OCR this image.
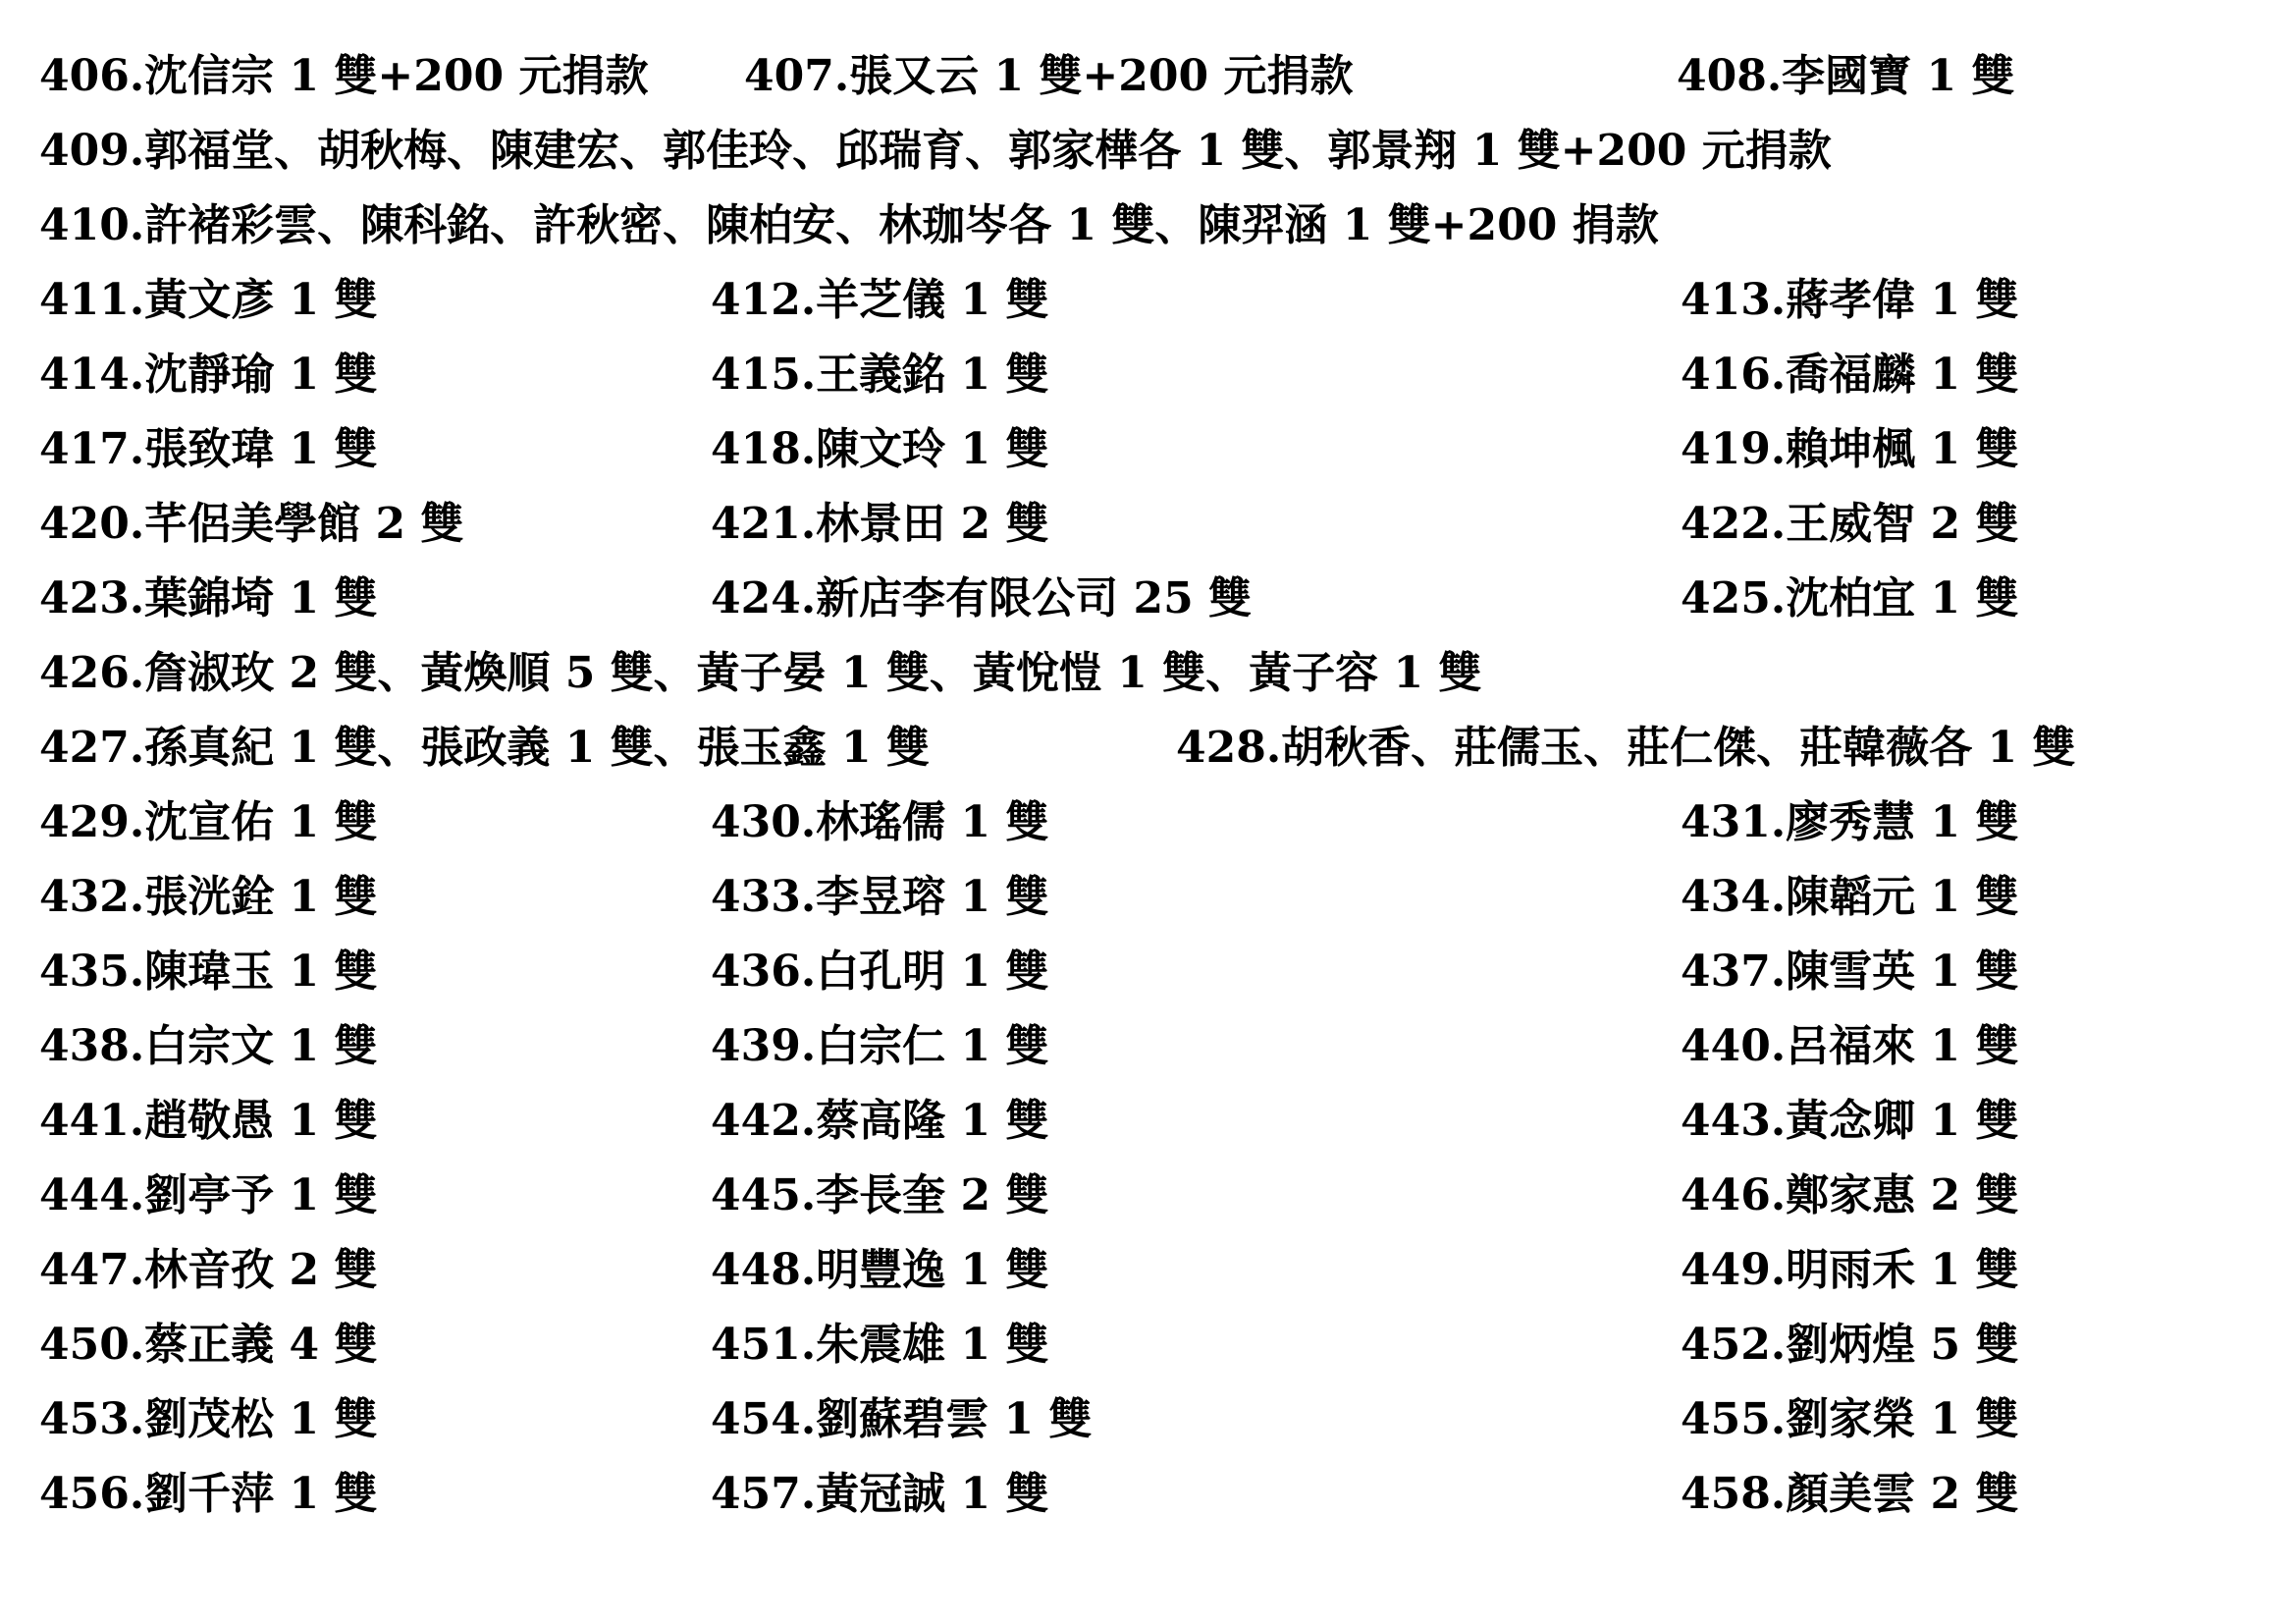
406.沈信宗 1 雙+200 元捐款 407.張又云 1 雙+200 元捐款	408.李國寶 1 雙
409.郭福堂、胡秋梅、陳建宏、郭佳玲、邱瑞育、郭家樺各 1 雙、郭景翔 1 雙+200 元捐款
410.許褚彩雲、陳科銘、許秋密、陳柏安、林珈岑各 1 雙、陳羿涵 1 雙+200 捐款
411.黃文彥 1 雙	412.羊芝儀 1 雙	413.蔣孝偉 1 雙
414.沈靜瑜 1 雙	415.王義銘 1 雙	416.喬福麟 1 雙
417.張致瑋 1 雙	418.陳文玲 1 雙	419.賴坤楓 1 雙
420.芊侶美學館 2 雙	421.林景田 2 雙	422.王威智 2 雙
423.葉錦埼 1 雙	424.新店李有限公司 25 雙	425.沈柏宜 1 雙
426.詹淑玫 2 雙、黃煥順 5 雙、黃子晏 1 雙、黃悅愷 1 雙、黃子容 1 雙
427.孫真紀 1 雙、張政義 1 雙、張玉鑫 1 雙	428.胡秋香、莊儒玉、莊仁傑、莊韓薇各 1 雙
429.沈宣佑 1 雙	430.林瑤儒 1 雙	431.廖秀慧 1 雙
432.張洸銓 1 雙	433.李昱瑢 1 雙	434.陳韜元 1 雙
435.陳瑋玉 1 雙	436.白孔明 1 雙	437.陳雪英 1 雙
438.白宗文 1 雙	439.白宗仁 1 雙	440.呂福來 1 雙
441.趙敬愚 1 雙	442.蔡高隆 1 雙	443.黃念卿 1 雙
444.劉亭予 1 雙	445.李長奎 2 雙	446.鄭家惠 2 雙
447.林音孜 2 雙	448.明豐逸 1 雙	449.明雨禾 1 雙
450.蔡正義 4 雙	451.朱震雄 1 雙	452.劉炳煌 5 雙
453.劉茂松 1 雙	454.劉蘇碧雲 1 雙	455.劉家榮 1 雙
456.劉千萍 1 雙	457.黃冠誠 1 雙	458.顏美雲 2 雙
